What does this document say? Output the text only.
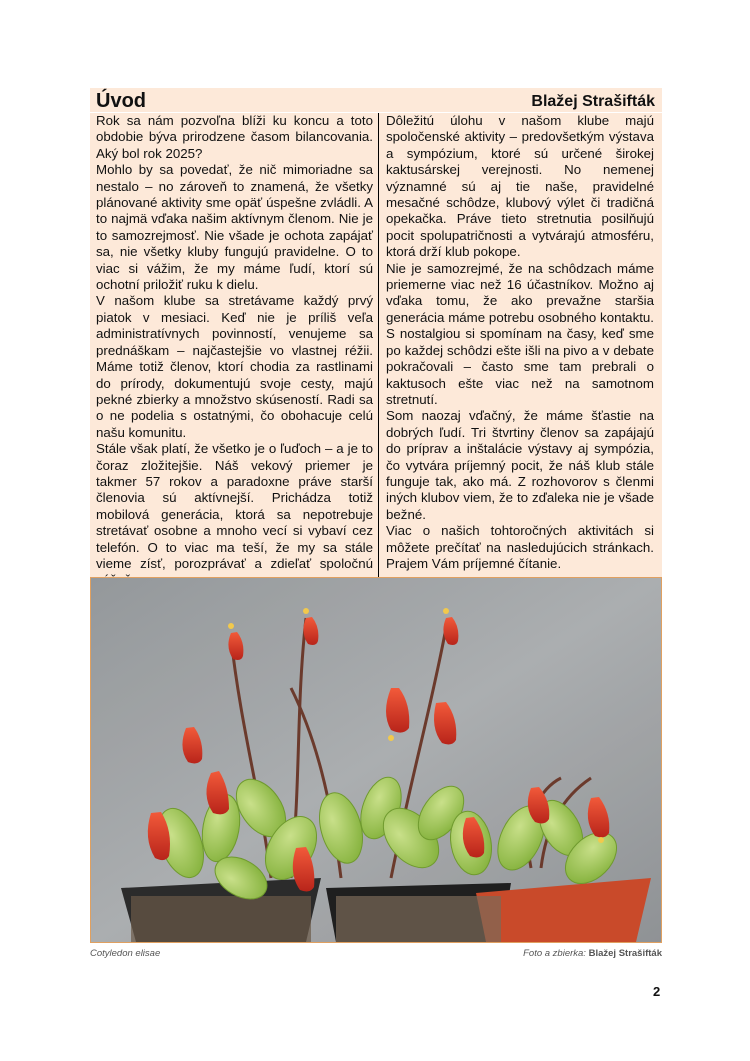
Úvod	Blažej Strašifták

Rok sa nám pozvoľna blíži ku koncu a toto obdobie býva prirodzene časom bilancovania. Aký bol rok 2025?

Mohlo by sa povedať, že nič mimoriadne sa nestalo – no zároveň to znamená, že všetky plánované aktivity sme opäť úspešne zvládli. A to najmä vďaka našim aktívnym členom. Nie je to samozrejmosť. Nie všade je ochota zapájať sa, nie všetky kluby fungujú pravidelne. O to viac si vážim, že my máme ľudí, ktorí sú ochotní priložiť ruku k dielu.

V našom klube sa stretávame každý prvý piatok v mesiaci. Keď nie je príliš veľa administratívnych povinností, venujeme sa prednáškam – najčastejšie vo vlastnej réžii. Máme totiž členov, ktorí chodia za rastlinami do prírody, dokumentujú svoje cesty, majú pekné zbierky a množstvo skúseností. Radi sa o ne podelia s ostatnými, čo obohacuje celú našu komunitu.

Stále však platí, že všetko je o ľuďoch – a je to čoraz zložitejšie. Náš vekový priemer je takmer 57 rokov a paradoxne práve starší členovia sú aktívnejší. Prichádza totiž mobilová generácia, ktorá sa nepotrebuje stretávať osobne a mnoho vecí si vybaví cez telefón. O to viac ma teší, že my sa stále vieme zísť, porozprávať a zdieľať spoločnú

Dôležitú úlohu v našom klube majú spoločenské aktivity – predovšetkým výstava a sympózium, ktoré sú určené širokej kaktusárskej verejnosti. No nemenej významné sú aj tie naše, pravidelné mesačné schôdze, klubový výlet či tradičná opekačka. Práve tieto stretnutia posilňujú pocit spolupatričnosti a vytvárajú atmosféru, ktorá drží klub pokope.

Nie je samozrejmé, že na schôdzach máme priemerne viac než 16 účastníkov. Možno aj vďaka tomu, že ako prevažne staršia generácia máme potrebu osobného kontaktu. S nostalgiou si spomínam na časy, keď sme po každej schôdzi ešte išli na pivo a v debate pokračovali – často sme tam prebrali o kaktusoch ešte viac než na samotnom stretnutí.

Som naozaj vďačný, že máme šťastie na dobrých ľudí. Tri štvrtiny členov sa zapájajú do príprav a inštalácie výstavy aj sympózia, čo vytvára príjemný pocit, že náš klub stále funguje tak, ako má. Z rozhovorov s členmi iných klubov viem, že to zďaleka nie je všade bežné.

Viac o našich tohtoročných aktivitách si môžete prečítať na nasledujúcich stránkach. Prajem Vám príjemné čítanie.

Cotyledon elisae	Foto a zbierka: Blažej Strašifták
2
